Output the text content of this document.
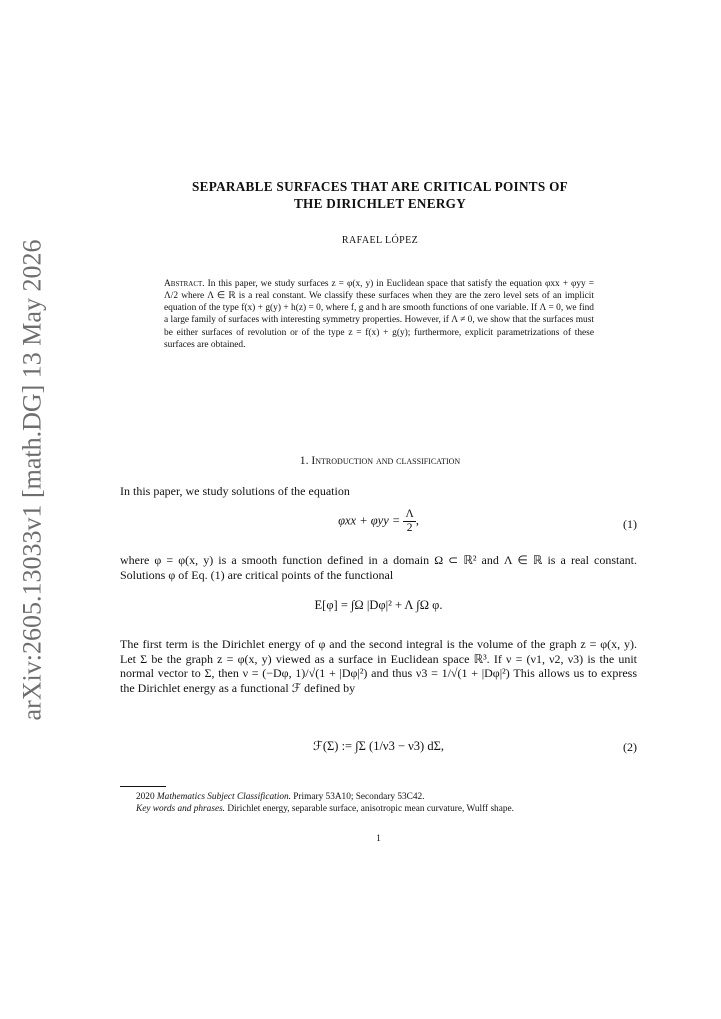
arXiv:2605.13033v1 [math.DG] 13 May 2026
SEPARABLE SURFACES THAT ARE CRITICAL POINTS OF
THE DIRICHLET ENERGY
RAFAEL LÓPEZ
Abstract. In this paper, we study surfaces z = φ(x, y) in Euclidean space that satisfy the equation φxx + φyy = Λ/2 where Λ ∈ ℝ is a real constant. We classify these surfaces when they are the zero level sets of an implicit equation of the type f(x) + g(y) + h(z) = 0, where f, g and h are smooth functions of one variable. If Λ = 0, we find a large family of surfaces with interesting symmetry properties. However, if Λ ≠ 0, we show that the surfaces must be either surfaces of revolution or of the type z = f(x) + g(y); furthermore, explicit parametrizations of these surfaces are obtained.
1. Introduction and classification
In this paper, we study solutions of the equation
$\varphi xx + \varphi yy = \frac{\Lambda}{2}$ ,	(1)
where φ = φ(x, y) is a smooth function defined in a domain Ω ⊂ ℝ² and Λ ∈ ℝ is a real constant. Solutions φ of Eq. (1) are critical points of the functional
E[φ] = ∫Ω |Dφ|² + Λ ∫Ω φ.
The first term is the Dirichlet energy of φ and the second integral is the volume of the graph z = φ(x, y). Let Σ be the graph z = φ(x, y) viewed as a surface in Euclidean space ℝ³. If ν = (ν1, ν2, ν3) is the unit normal vector to Σ, then ν = (−Dφ, 1)/√(1 + |Dφ|²) and thus ν3 = 1/√(1 + |Dφ|²) This allows us to express the Dirichlet energy as a functional ℱ defined by
ℱ(Σ) := ∫Σ (1/ν3 − ν3) dΣ,	(2)
2020 Mathematics Subject Classification. Primary 53A10; Secondary 53C42.
Key words and phrases. Dirichlet energy, separable surface, anisotropic mean curvature, Wulff shape.
1
